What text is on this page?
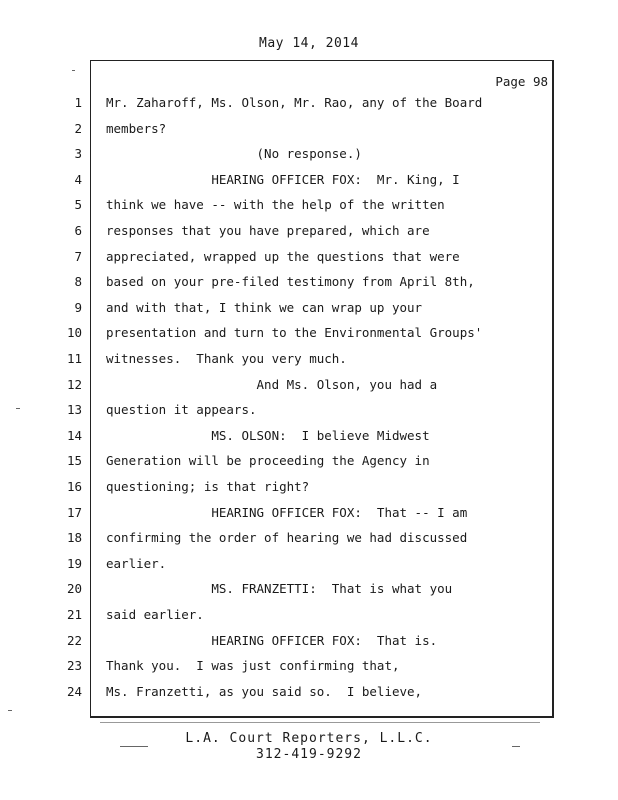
May 14, 2014
Page 98
1 Mr. Zaharoff, Ms. Olson, Mr. Rao, any of the Board
2 members?
3 (No response.)
4 HEARING OFFICER FOX:  Mr. King, I
5 think we have -- with the help of the written
6 responses that you have prepared, which are
7 appreciated, wrapped up the questions that were
8 based on your pre-filed testimony from April 8th,
9 and with that, I think we can wrap up your
10 presentation and turn to the Environmental Groups'
11 witnesses.  Thank you very much.
12 And Ms. Olson, you had a
13 question it appears.
14 MS. OLSON:  I believe Midwest
15 Generation will be proceeding the Agency in
16 questioning; is that right?
17 HEARING OFFICER FOX:  That -- I am
18 confirming the order of hearing we had discussed
19 earlier.
20 MS. FRANZETTI:  That is what you
21 said earlier.
22 HEARING OFFICER FOX:  That is.
23 Thank you.  I was just confirming that,
24 Ms. Franzetti, as you said so.  I believe,
L.A. Court Reporters, L.L.C.
312-419-9292
